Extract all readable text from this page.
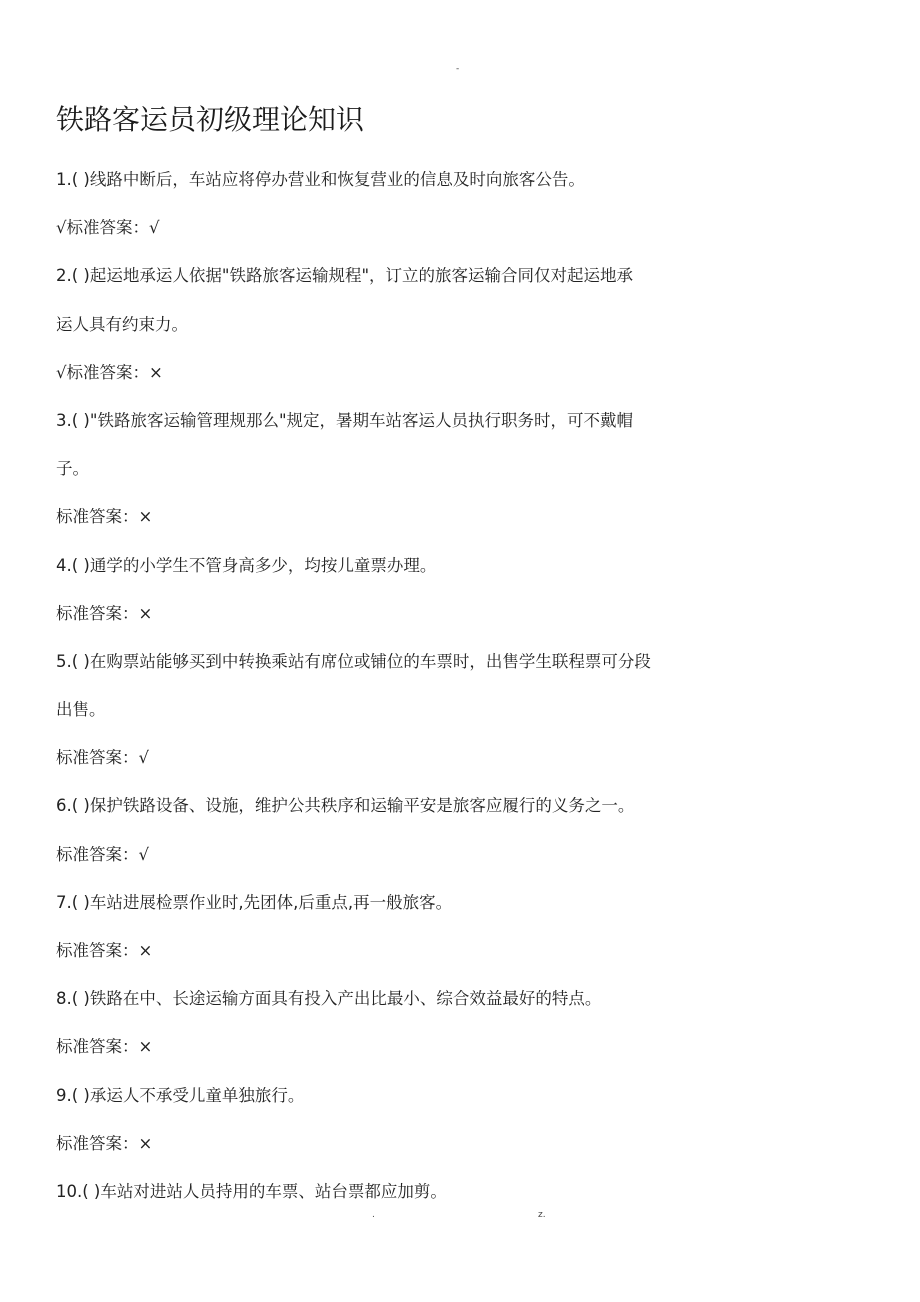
-
铁路客运员初级理论知识
1.( )线路中断后，车站应将停办营业和恢复营业的信息及时向旅客公告。
√标准答案：√
2.( )起运地承运人依据"铁路旅客运输规程"，订立的旅客运输合同仅对起运地承
运人具有约束力。
√标准答案：×
3.( )"铁路旅客运输管理规那么"规定，暑期车站客运人员执行职务时，可不戴帽
子。
标准答案：×
4.( )通学的小学生不管身高多少，均按儿童票办理。
标准答案：×
5.( )在购票站能够买到中转换乘站有席位或铺位的车票时，出售学生联程票可分段
出售。
标准答案：√
6.( )保护铁路设备、设施，维护公共秩序和运输平安是旅客应履行的义务之一。
标准答案：√
7.( )车站进展检票作业时,先团体,后重点,再一般旅客。
标准答案：×
8.( )铁路在中、长途运输方面具有投入产出比最小、综合效益最好的特点。
标准答案：×
9.( )承运人不承受儿童单独旅行。
标准答案：×
10.( )车站对进站人员持用的车票、站台票都应加剪。
.	z.
